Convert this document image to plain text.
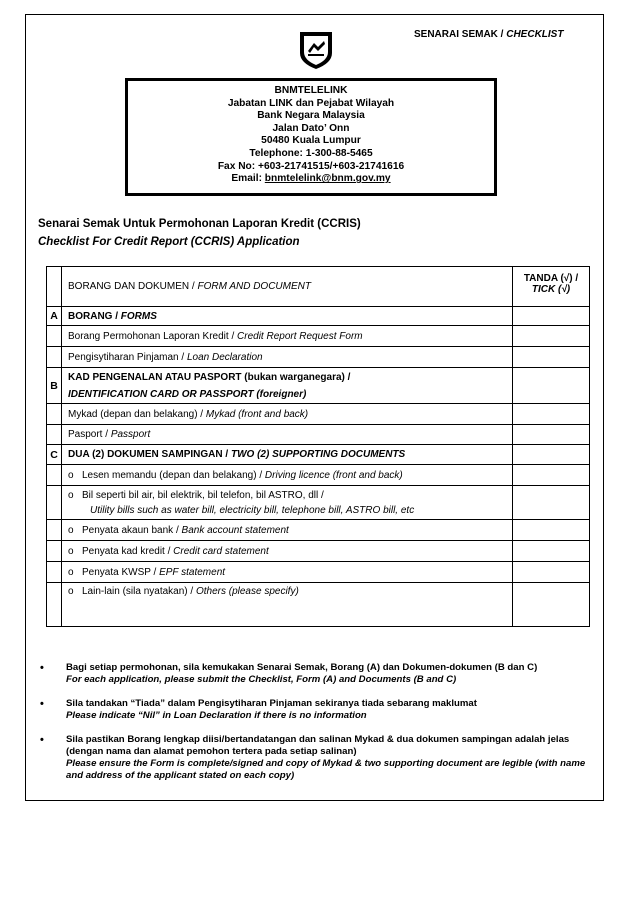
SENARAI SEMAK / CHECKLIST
BNMTELELINK
Jabatan LINK dan Pejabat Wilayah
Bank Negara Malaysia
Jalan Dato’ Onn
50480 Kuala Lumpur
Telephone: 1-300-88-5465
Fax No: +603-21741515/+603-21741616
Email: bnmtelelink@bnm.gov.my
Senarai Semak Untuk Permohonan Laporan Kredit (CCRIS)
Checklist For Credit Report (CCRIS) Application
	BORANG DAN DOKUMEN / FORM AND DOCUMENT	TANDA (√) /
TICK (√)

A	BORANG / FORMS	
	Borang Permohonan Laporan Kredit / Credit Report Request Form	
	Pengisytiharan Pinjaman / Loan Declaration	
B	KAD PENGENALAN ATAU PASPORT (bukan warganegara) /
IDENTIFICATION CARD OR PASSPORT (foreigner)	

	Mykad (depan dan belakang) / Mykad (front and back)	
	Pasport / Passport	
C	DUA (2) DOKUMEN SAMPINGAN / TWO (2) SUPPORTING DOCUMENTS	
	o Lesen memandu (depan dan belakang) / Driving licence (front and back)	

	o Bil seperti bil air, bil elektrik, bil telefon, bil ASTRO, dll /
Utility bills such as water bill, electricity bill, telephone bill, ASTRO bill, etc	

	o Penyata akaun bank / Bank account statement	
	o Penyata kad kredit / Credit card statement	
	o Penyata KWSP / EPF statement	
	o Lain-lain (sila nyatakan) / Others (please specify)	
•	Bagi setiap permohonan, sila kemukakan Senarai Semak, Borang (A) dan Dokumen-dokumen (B dan C)
For each application, please submit the Checklist, Form (A) and Documents (B and C)
•	Sila tandakan “Tiada” dalam Pengisytiharan Pinjaman sekiranya tiada sebarang maklumat
Please indicate “Nil” in Loan Declaration if there is no information
•	Sila pastikan Borang lengkap diisi/bertandatangan dan salinan Mykad & dua dokumen sampingan adalah jelas (dengan nama dan alamat pemohon tertera pada setiap salinan)
Please ensure the Form is complete/signed and copy of Mykad & two supporting document are legible (with name and address of the applicant stated on each copy)
